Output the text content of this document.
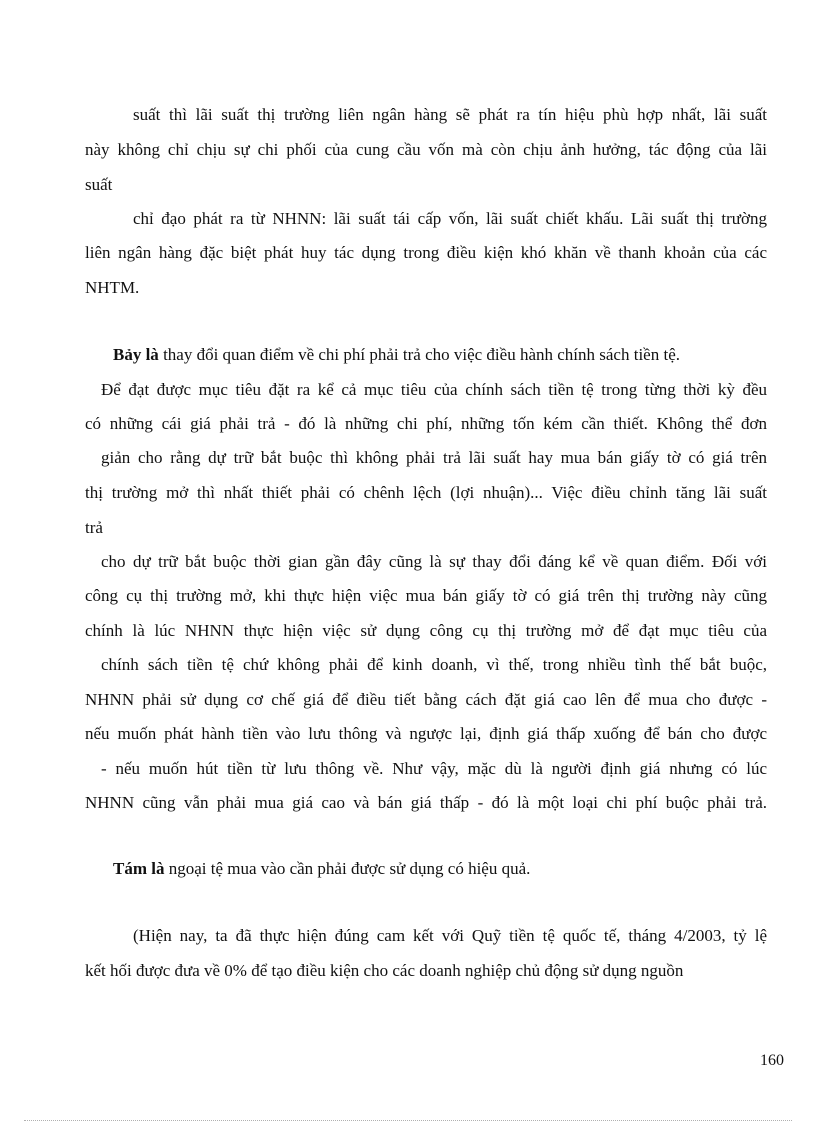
suất thì lãi suất thị trường liên ngân hàng sẽ phát ra tín hiệu phù hợp nhất, lãi suất
này không chỉ chịu sự chi phối của cung cầu vốn mà còn chịu ảnh hưởng, tác động của lãi
suất
chỉ đạo phát ra từ NHNN: lãi suất tái cấp vốn, lãi suất chiết khấu. Lãi suất thị trường
liên ngân hàng đặc biệt phát huy tác dụng trong điều kiện khó khăn về thanh khoản của các
NHTM.
Bảy là thay đổi quan điểm về chi phí phải trả cho việc điều hành chính sách tiền tệ.
Để đạt được mục tiêu đặt ra kể cả mục tiêu của chính sách tiền tệ trong từng thời kỳ đều
có những cái giá phải trả - đó là những chi phí, những tốn kém cần thiết. Không thể đơn
giản cho rằng dự trữ bắt buộc thì không phải trả lãi suất hay mua bán giấy tờ có giá trên
thị trường mở thì nhất thiết phải có chênh lệch (lợi nhuận)... Việc điều chỉnh tăng lãi suất
trả
cho dự trữ bắt buộc thời gian gần đây cũng là sự thay đổi đáng kể về quan điểm. Đối với
công cụ thị trường mở, khi thực hiện việc mua bán giấy tờ có giá trên thị trường này cũng
chính là lúc NHNN thực hiện việc sử dụng công cụ thị trường mở để đạt mục tiêu của
chính sách tiền tệ chứ không phải để kinh doanh, vì thế, trong nhiều tình thế bắt buộc,
NHNN phải sử dụng cơ chế giá để điều tiết bằng cách đặt giá cao lên để mua cho được -
nếu muốn phát hành tiền vào lưu thông và ngược lại, định giá thấp xuống để bán cho được
- nếu muốn hút tiền từ lưu thông về. Như vậy, mặc dù là người định giá nhưng có lúc
NHNN cũng vẫn phải mua giá cao và bán giá thấp - đó là một loại chi phí buộc phải trả.
Tám là ngoại tệ mua vào cần phải được sử dụng có hiệu quả.
(Hiện nay, ta đã thực hiện đúng cam kết với Quỹ tiền tệ quốc tế, tháng 4/2003, tỷ lệ
kết hối được đưa về 0% để tạo điều kiện cho các doanh nghiệp chủ động sử dụng nguồn
160
